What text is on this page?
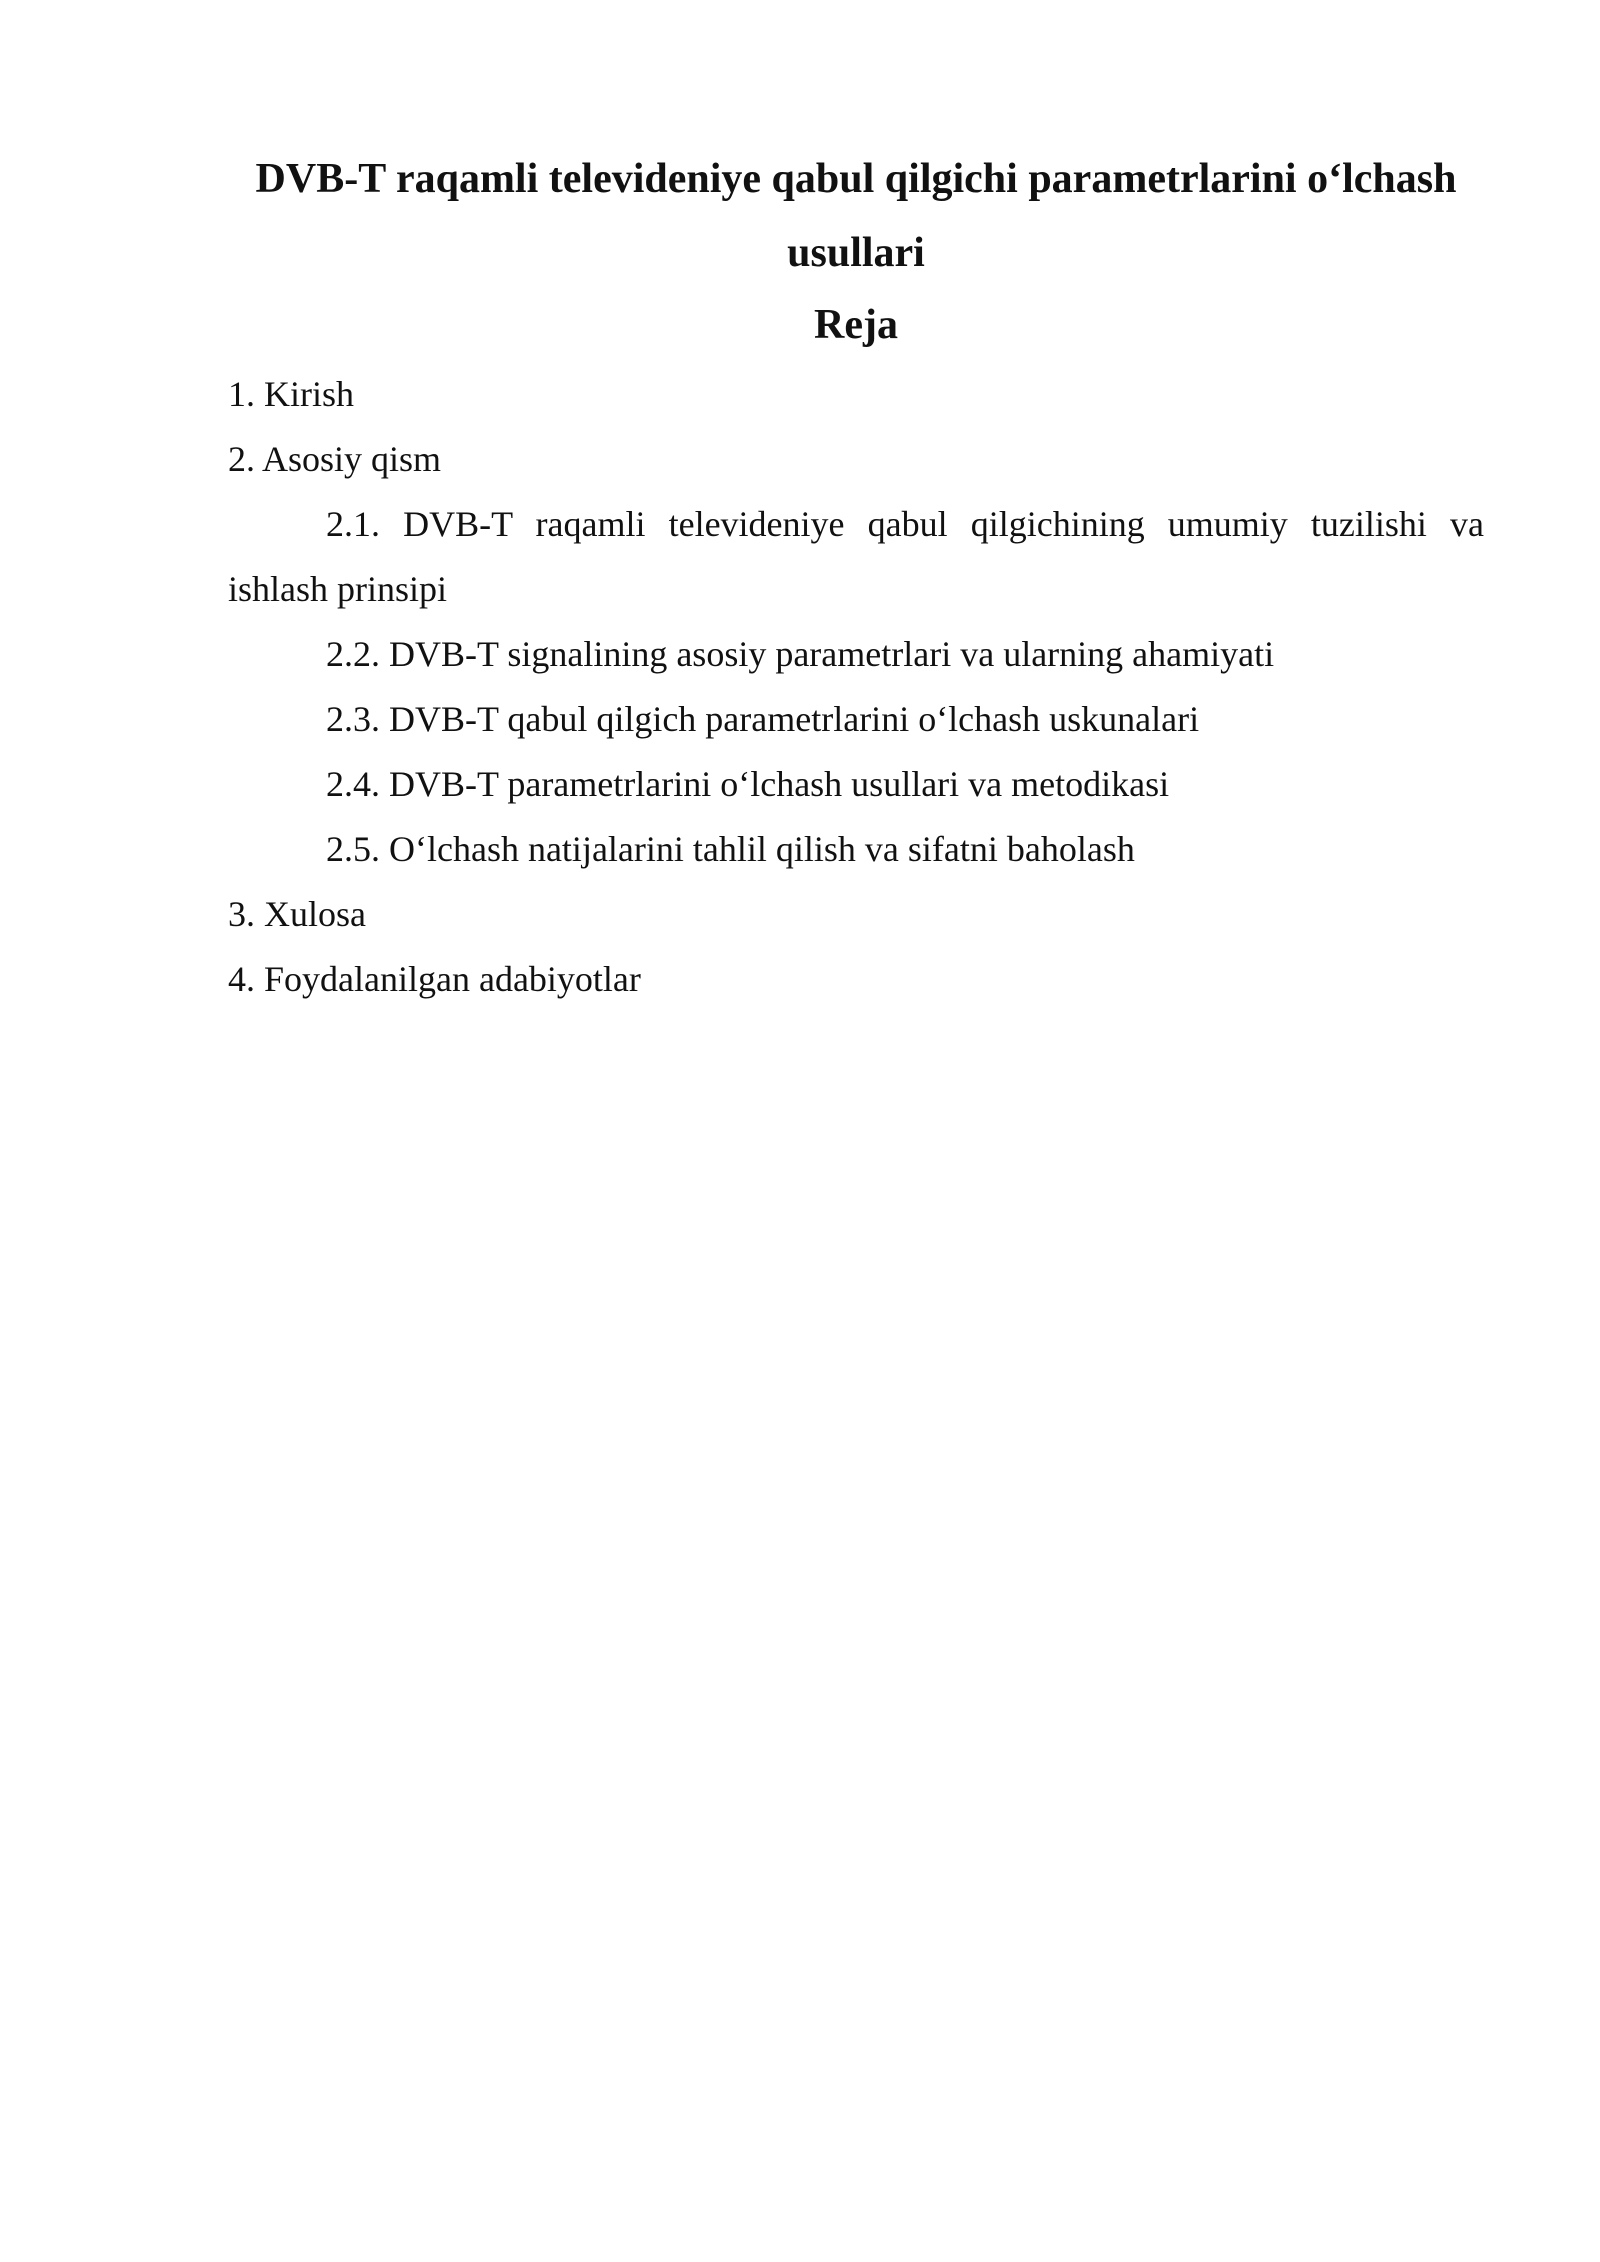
DVB-T raqamli televideniye qabul qilgichi parametrlarini o‘lchash
usullari
Reja
1. Kirish
2. Asosiy qism
2.1. DVB-T raqamli televideniye qabul qilgichining umumiy tuzilishi va
ishlash prinsipi
2.2. DVB-T signalining asosiy parametrlari va ularning ahamiyati
2.3. DVB-T qabul qilgich parametrlarini o‘lchash uskunalari
2.4. DVB-T parametrlarini o‘lchash usullari va metodikasi
2.5. O‘lchash natijalarini tahlil qilish va sifatni baholash
3. Xulosa
4. Foydalanilgan adabiyotlar
